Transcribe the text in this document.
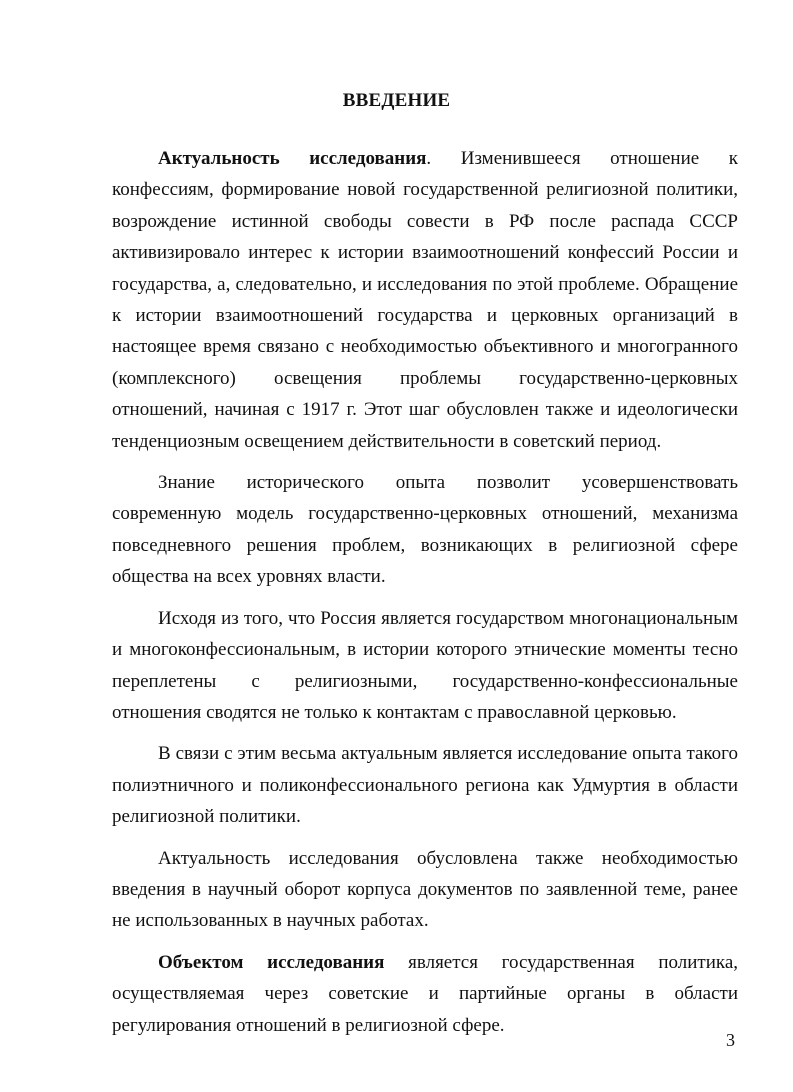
ВВЕДЕНИЕ

Актуальность исследования. Изменившееся отношение к конфессиям, формирование новой государственной религиозной политики, возрождение истинной свободы совести в РФ после распада СССР активизировало интерес к истории взаимоотношений конфессий России и государства, а, следовательно, и исследования по этой проблеме. Обращение к истории взаимоотношений государства и церковных организаций в настоящее время связано с необходимостью объективного и многогранного (комплексного) освещения проблемы государственно-церковных отношений, начиная с 1917 г. Этот шаг обусловлен также и идеологически тенденциозным освещением действительности в советский период.

Знание исторического опыта позволит усовершенствовать современную модель государственно-церковных отношений, механизма повседневного решения проблем, возникающих в религиозной сфере общества на всех уровнях власти.

Исходя из того, что Россия является государством многонациональным и многоконфессиональным, в истории которого этнические моменты тесно переплетены с религиозными, государственно-конфессиональные отношения сводятся не только к контактам с православной церковью.

В связи с этим весьма актуальным является исследование опыта такого полиэтничного и поликонфессионального региона как Удмуртия в области религиозной политики.

Актуальность исследования обусловлена также необходимостью введения в научный оборот корпуса документов по заявленной теме, ранее не использованных в научных работах.

Объектом исследования является государственная политика, осуществляемая через советские и партийные органы в области регулирования отношений в религиозной сфере.

3
